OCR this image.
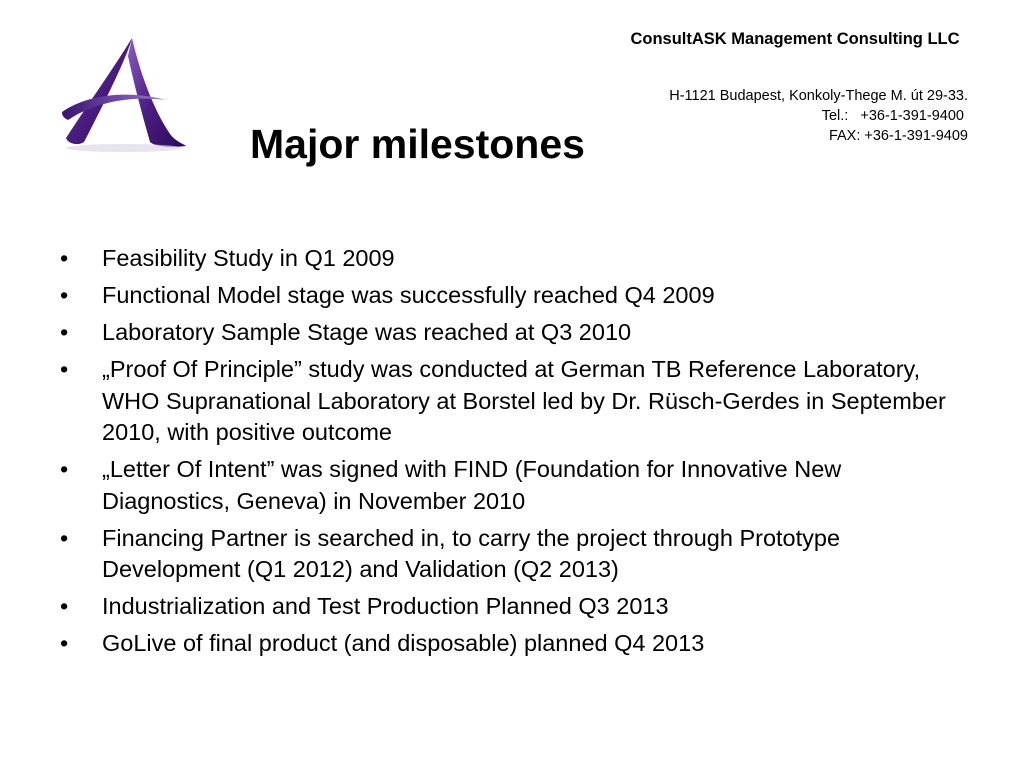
ConsultASK Management Consulting LLC
H-1121 Budapest, Konkoly-Thege M. út 29-33.
Tel.:   +36-1-391-9400
FAX: +36-1-391-9409
Major milestones
• Feasibility Study in Q1 2009
• Functional Model stage was successfully reached Q4 2009
• Laboratory Sample Stage was reached at Q3 2010
• „Proof Of Principle” study was conducted at German TB Reference Laboratory, WHO Supranational Laboratory at Borstel led by Dr. Rüsch-Gerdes in September 2010, with positive outcome
• „Letter Of Intent” was signed with FIND (Foundation for Innovative New Diagnostics, Geneva) in November 2010
• Financing Partner is searched in, to carry the project through Prototype Development (Q1 2012) and Validation (Q2 2013)
• Industrialization and Test Production Planned Q3 2013
• GoLive of final product (and disposable) planned Q4 2013
